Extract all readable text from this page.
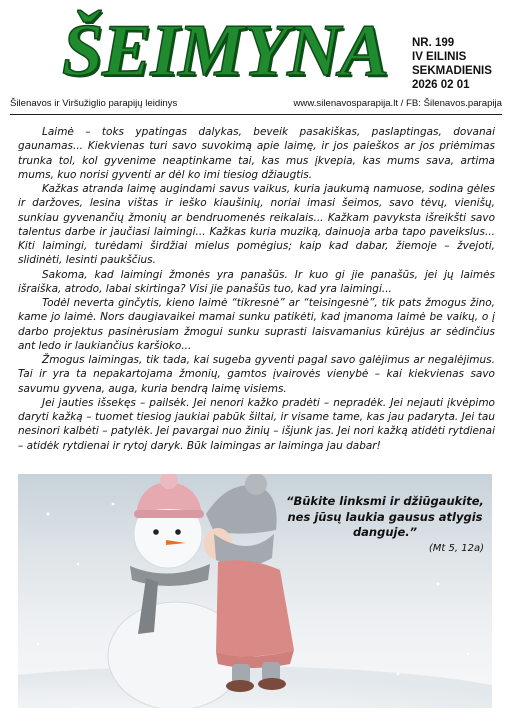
ŠEIMYNA NR. 199
IV EILINIS
SEKMADIENIS
2026 02 01
Šilenavos ir Viršužiglio parapijų leidinys	www.silenavosparapija.lt / FB: Šilenavos.parapija

Laimė – toks ypatingas dalykas, beveik pasakiškas, paslaptingas, dovanai gaunamas... Kiekvienas turi savo suvokimą apie laimę, ir jos paieškos ar jos priėmimas trunka tol, kol gyvenime neaptinkame tai, kas mus įkvepia, kas mums sava, artima mums, kuo norisi gyventi ar dėl ko imi tiesiog džiaugtis.

Kažkas atranda laimę augindami savus vaikus, kuria jaukumą namuose, sodina gėles ir daržoves, lesina vištas ir ieško kiaušinių, noriai imasi šeimos, savo tėvų, vienišų, sunkiau gyvenančių žmonių ar bendruomenės reikalais... Kažkam pavyksta išreikšti savo talentus darbe ir jaučiasi laimingi... Kažkas kuria muziką, dainuoja arba tapo paveikslus... Kiti laimingi, turėdami širdžiai mielus pomėgius; kaip kad dabar, žiemoje – žvejoti, slidinėti, lesinti paukščius.

Sakoma, kad laimingi žmonės yra panašūs. Ir kuo gi jie panašūs, jei jų laimės išraiška, atrodo, labai skirtinga? Visi jie panašūs tuo, kad yra laimingi...

Todėl neverta ginčytis, kieno laimė “tikresnė” ar “teisingesnė”, tik pats žmogus žino, kame jo laimė. Nors daugiavaikei mamai sunku patikėti, kad įmanoma laimė be vaikų, o į darbo projektus pasinėrusiam žmogui sunku suprasti laisvamanius kūrėjus ar sėdinčius ant ledo ir laukiančius karšioko...

Žmogus laimingas, tik tada, kai sugeba gyventi pagal savo galėjimus ar negalėjimus. Tai ir yra ta nepakartojama žmonių, gamtos įvairovės vienybė – kai kiekvienas savo savumu gyvena, auga, kuria bendrą laimę visiems.

Jei jauties išsekęs – pailsėk. Jei nenori kažko pradėti – nepradėk. Jei nejauti įkvėpimo daryti kažką – tuomet tiesiog jaukiai pabūk šiltai, ir visame tame, kas jau padaryta. Jei tau nesinori kalbėti – patylėk. Jei pavargai nuo žinių – išjunk jas. Jei nori kažką atidėti rytdienai – atidėk rytdienai ir rytoj daryk. Būk laimingas ar laiminga jau dabar!

“Būkite linksmi ir džiūgaukite, nes jūsų laukia gausus atlygis danguje.”
(Mt 5, 12a)
